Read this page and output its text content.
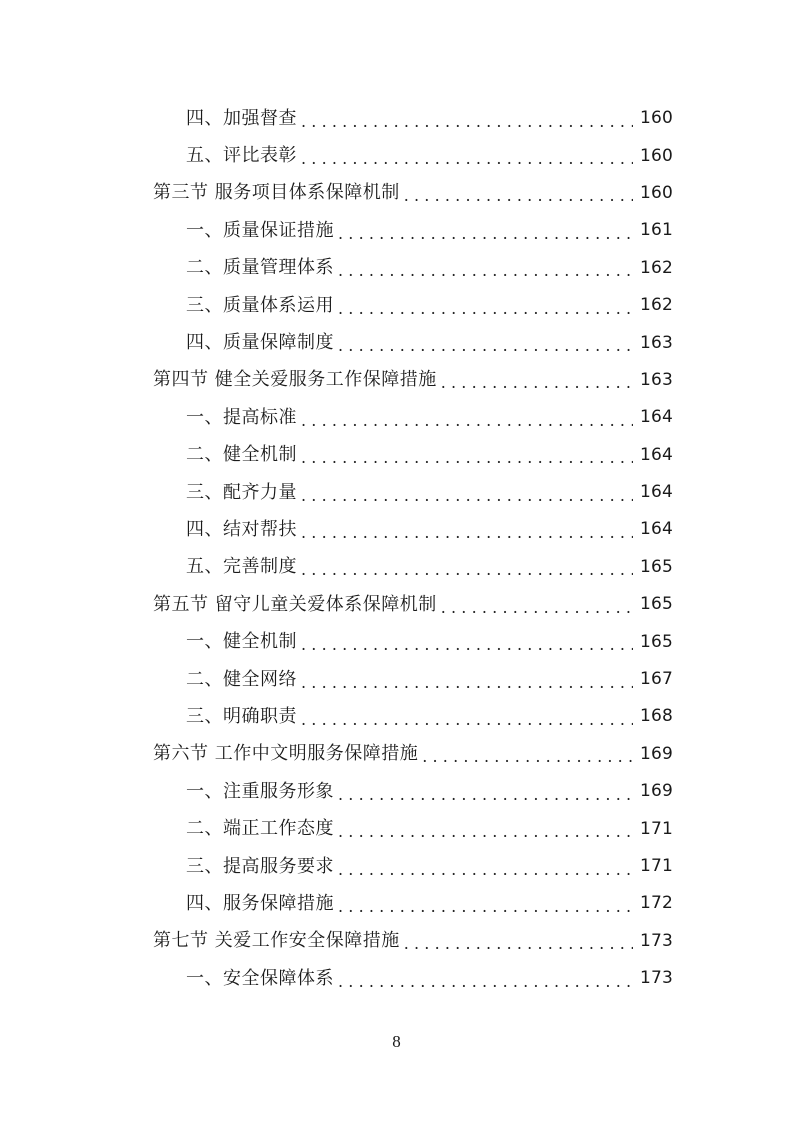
四、加强督查 .....	160
五、评比表彰 .....	160
第三节 服务项目体系保障机制 .....	160
一、质量保证措施 .....	161
二、质量管理体系 .....	162
三、质量体系运用 .....	162
四、质量保障制度 .....	163
第四节 健全关爱服务工作保障措施 .....	163
一、提高标准 .....	164
二、健全机制 .....	164
三、配齐力量 .....	164
四、结对帮扶 .....	164
五、完善制度 .....	165
第五节 留守儿童关爱体系保障机制 .....	165
一、健全机制 .....	165
二、健全网络 .....	167
三、明确职责 .....	168
第六节 工作中文明服务保障措施 .....	169
一、注重服务形象 .....	169
二、端正工作态度 .....	171
三、提高服务要求 .....	171
四、服务保障措施 .....	172
第七节 关爱工作安全保障措施 .....	173
一、安全保障体系 .....	173
8
